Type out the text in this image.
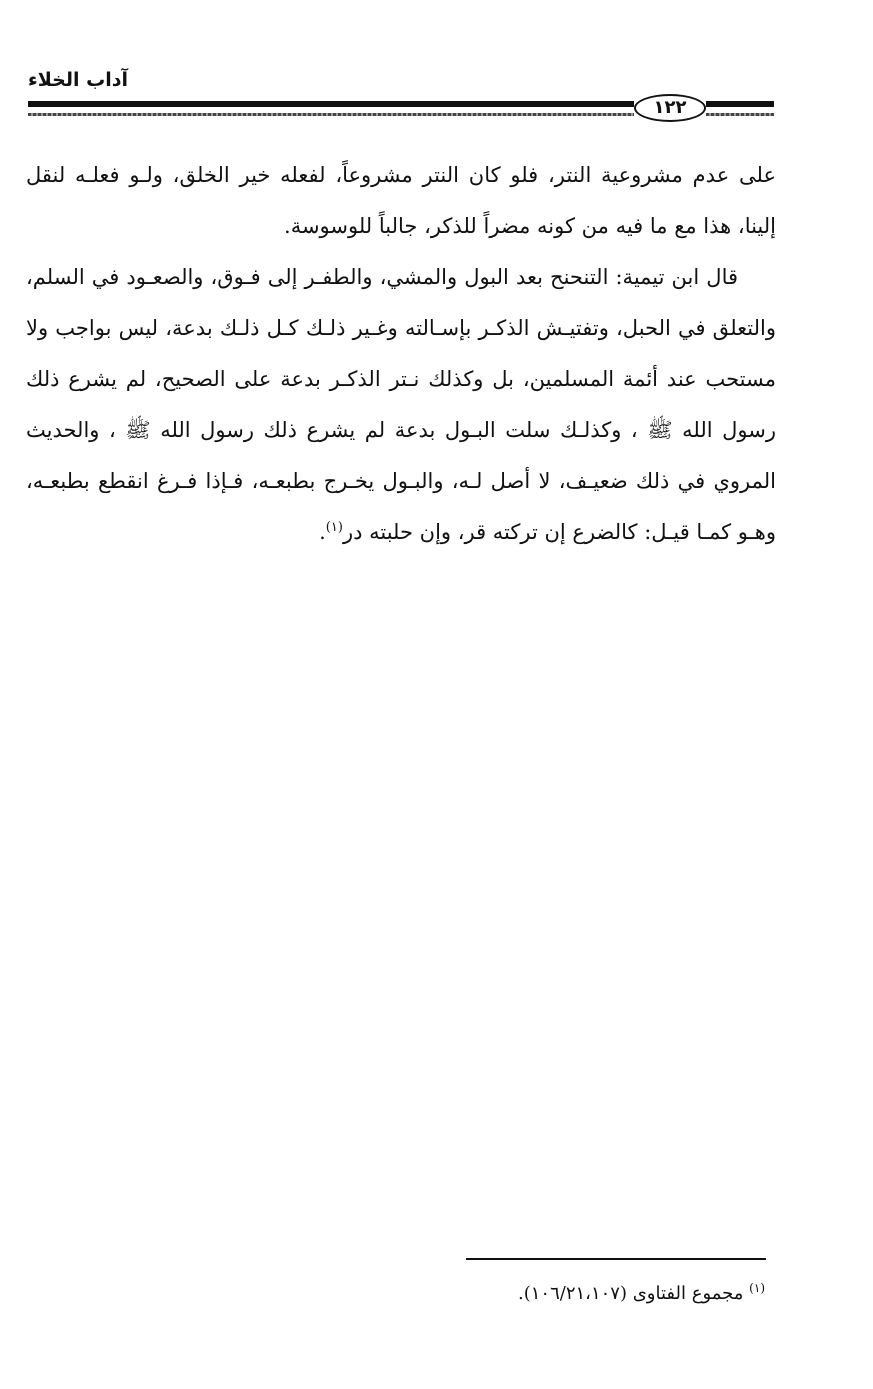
آداب الخلاء
١٢٢

على عدم مشروعية النتر، فلو كان النتر مشروعاً، لفعله خير الخلق، ولـو فعلـه لنقل إلينا، هذا مع ما فيه من كونه مضراً للذكر، جالباً للوسوسة.

قال ابن تيمية: التنحنح بعد البول والمشي، والطفـر إلى فـوق، والصعـود في السلم، والتعلق في الحبل، وتفتيـش الذكـر بإسـالته وغـير ذلـك كـل ذلـك بدعة، ليس بواجب ولا مستحب عند أئمة المسلمين، بل وكذلك نـتر الذكـر بدعة على الصحيح، لم يشرع ذلك رسول الله ﷺ ، وكذلـك سلت البـول بدعة لم يشرع ذلك رسول الله ﷺ ، والحديث المروي في ذلك ضعيـف، لا أصل لـه، والبـول يخـرج بطبعـه، فـإذا فـرغ انقطع بطبعـه، وهـو كمـا قيـل: كالضرع إن تركته قر، وإن حلبته در$^{(١)}$.

$^{(١)}$ مجموع الفتاوى (١٠٦/٢١،١٠٧).
